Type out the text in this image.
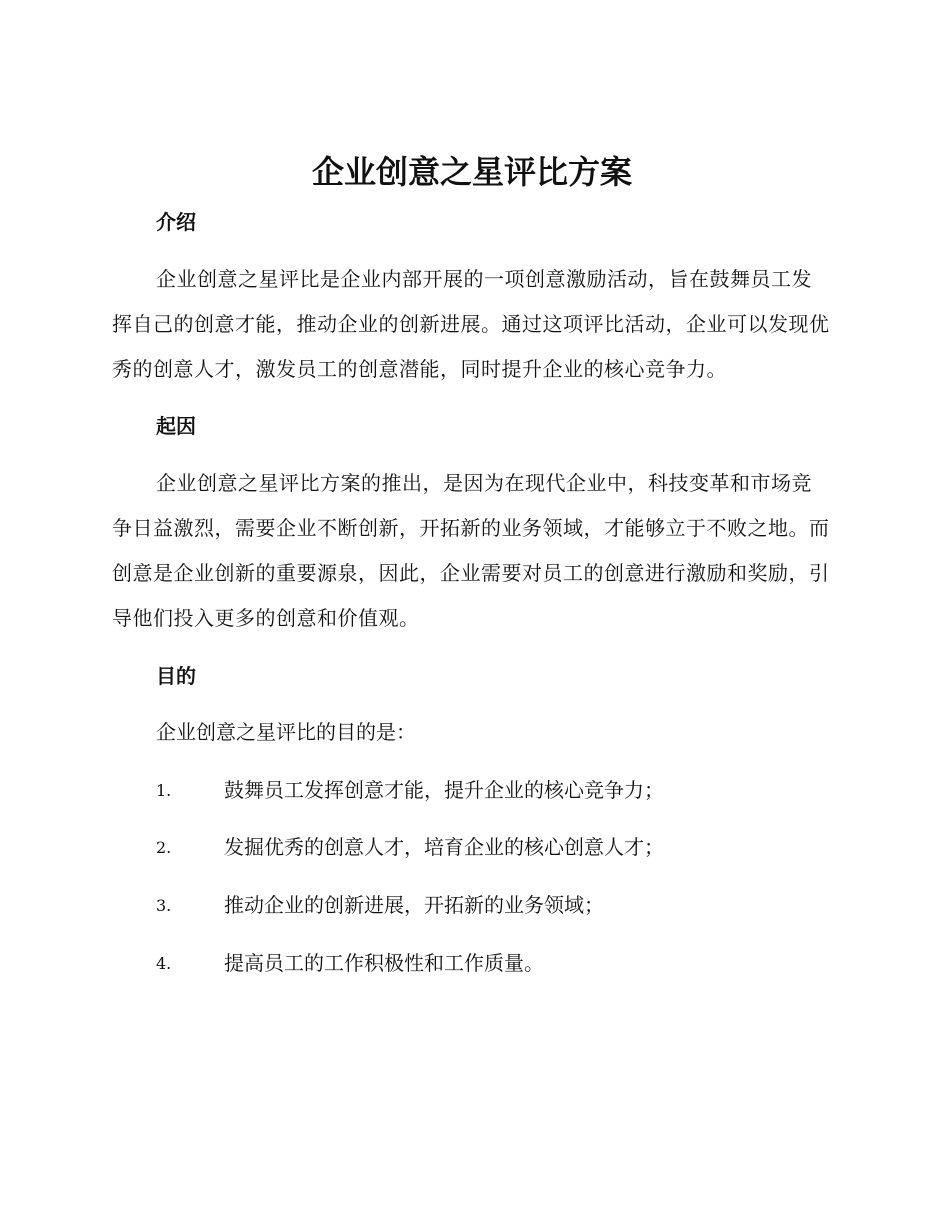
企业创意之星评比方案
介绍

企业创意之星评比是企业内部开展的一项创意激励活动，旨在鼓舞员工发挥自己的创意才能，推动企业的创新进展。通过这项评比活动，企业可以发现优秀的创意人才，激发员工的创意潜能，同时提升企业的核心竞争力。

起因

企业创意之星评比方案的推出，是因为在现代企业中，科技变革和市场竞争日益激烈，需要企业不断创新，开拓新的业务领域，才能够立于不败之地。而创意是企业创新的重要源泉，因此，企业需要对员工的创意进行激励和奖励，引导他们投入更多的创意和价值观。

目的

企业创意之星评比的目的是：

1.	鼓舞员工发挥创意才能，提升企业的核心竞争力；
2.	发掘优秀的创意人才，培育企业的核心创意人才；
3.	推动企业的创新进展，开拓新的业务领域；
4.	提高员工的工作积极性和工作质量。
